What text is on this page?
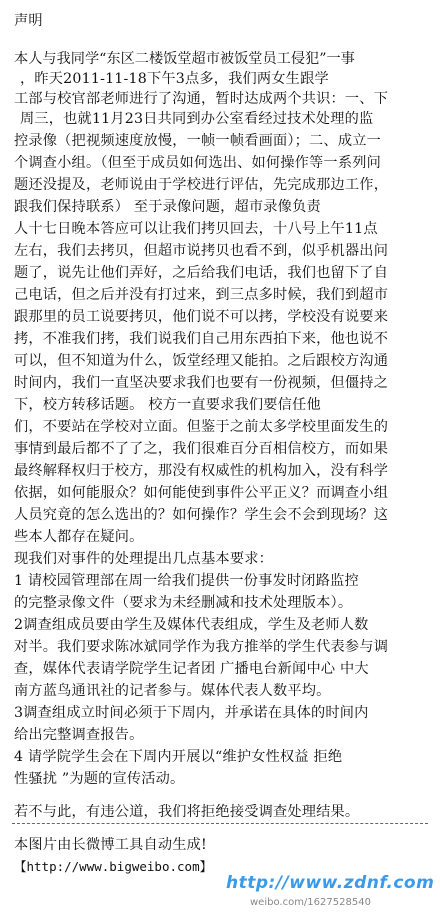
声明
本人与我同学“东区二楼饭堂超市被饭堂员工侵犯”一事
，昨天2011-11-18下午3点多，我们两女生跟学
工部与校官部老师进行了沟通，暂时达成两个共识：一、下
周三，也就11月23日共同到办公室看经过技术处理的监
控录像（把视频速度放慢，一帧一帧看画面）；二、成立一
个调查小组。（但至于成员如何选出、如何操作等一系列问
题还没提及，老师说由于学校进行评估，先完成那边工作，
跟我们保持联系） 至于录像问题，超市录像负责
人十七日晚本答应可以让我们拷贝回去，十八号上午11点
左右，我们去拷贝，但超市说拷贝也看不到，似乎机器出问
题了，说先让他们弄好，之后给我们电话，我们也留下了自
己电话，但之后并没有打过来，到三点多时候，我们到超市
跟那里的员工说要拷贝，他们说不可以拷，学校没有说要来
拷，不准我们拷，我们说我们自己用东西拍下来，他也说不
可以，但不知道为什么，饭堂经理又能拍。之后跟校方沟通
时间内，我们一直坚决要求我们也要有一份视频，但僵持之
下，校方转移话题。 校方一直要求我们要信任他
们，不要站在学校对立面。但鉴于之前太多学校里面发生的
事情到最后都不了了之，我们很难百分百相信校方，而如果
最终解释权归于校方，那没有权威性的机构加入，没有科学
依据，如何能服众？如何能使到事件公平正义？而调查小组
人员究竟的怎么选出的？如何操作？学生会不会到现场？这
些本人都存在疑问。
现我们对事件的处理提出几点基本要求：
1 请校园管理部在周一给我们提供一份事发时闭路监控
的完整录像文件（要求为未经删减和技术处理版本）。
2调查组成员要由学生及媒体代表组成，学生及老师人数
对半。我们要求陈冰斌同学作为我方推举的学生代表参与调
查，媒体代表请学院学生记者团 广播电台新闻中心 中大
南方蓝鸟通讯社的记者参与。媒体代表人数平均。
3调查组成立时间必须于下周内，并承诺在具体的时间内
给出完整调查报告。
4 请学院学生会在下周内开展以“维护女性权益 拒绝
性骚扰 ”为题的宣传活动。
若不与此，有违公道，我们将拒绝接受调查处理结果。
本图片由长微博工具自动生成!
【http://www.bigweibo.com】
http://www.zdnf.com
weibo.com/1627528540
